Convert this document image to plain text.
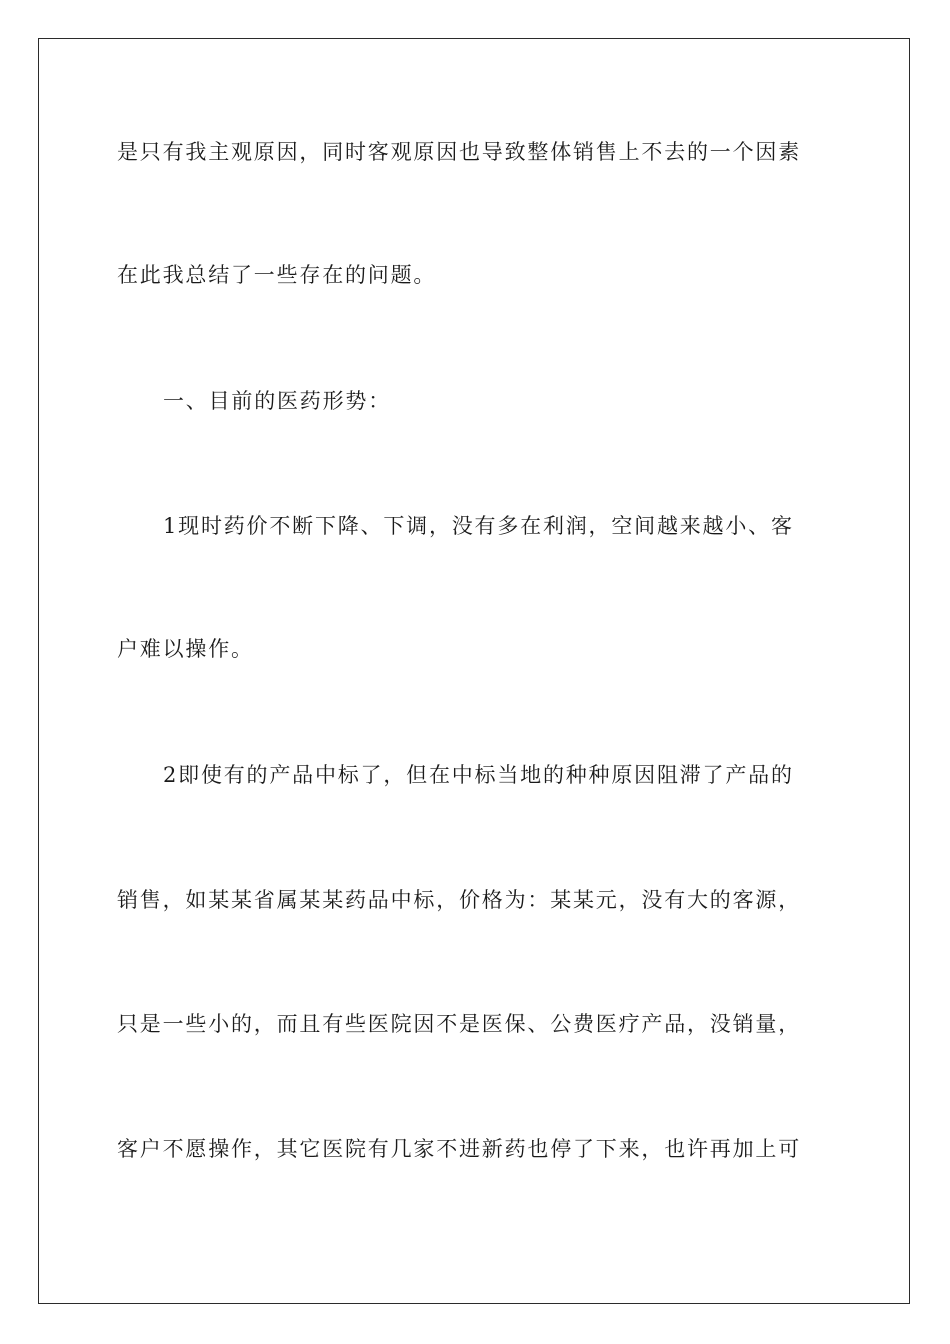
是只有我主观原因，同时客观原因也导致整体销售上不去的一个因素
在此我总结了一些存在的问题。
一、目前的医药形势：
1现时药价不断下降、下调，没有多在利润，空间越来越小、客
户难以操作。
2即使有的产品中标了，但在中标当地的种种原因阻滞了产品的
销售，如某某省属某某药品中标，价格为：某某元，没有大的客源，
只是一些小的，而且有些医院因不是医保、公费医疗产品，没销量，
客户不愿操作，其它医院有几家不进新药也停了下来，也许再加上可
